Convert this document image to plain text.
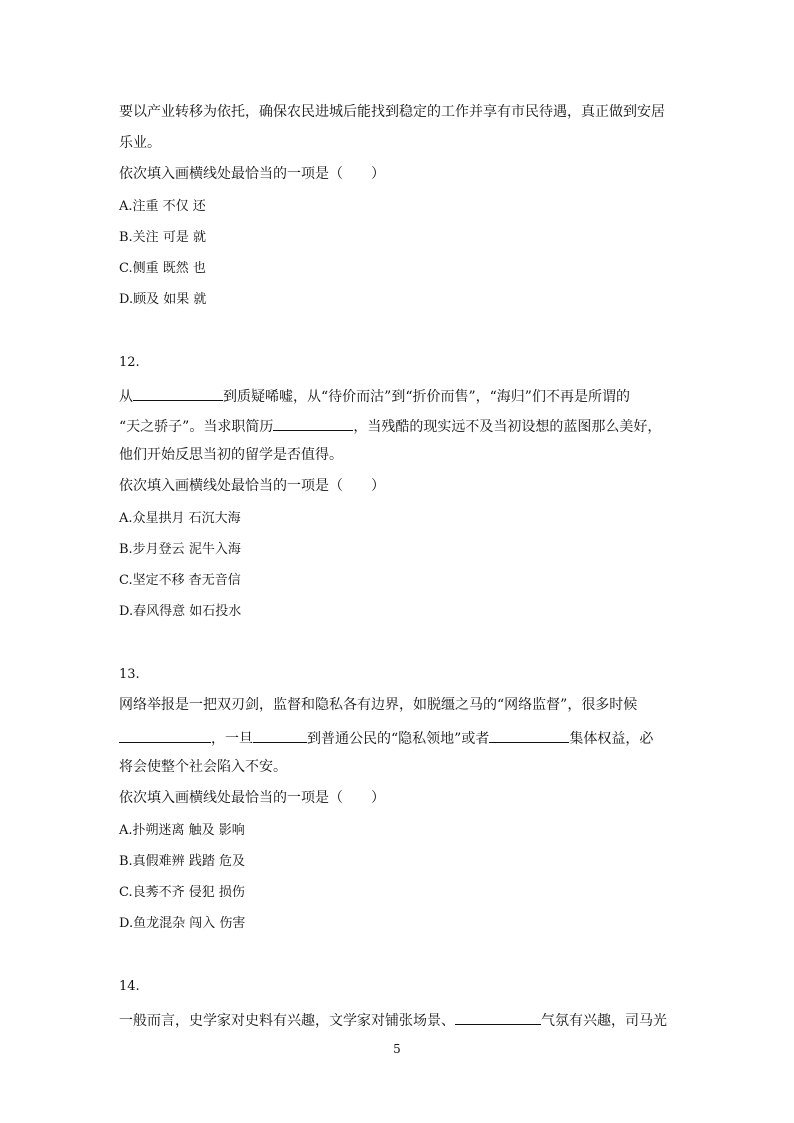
要以产业转移为依托，确保农民进城后能找到稳定的工作并享有市民待遇，真正做到安居
乐业。
依次填入画横线处最恰当的一项是（　　）
A.注重 不仅 还
B.关注 可是 就
C.侧重 既然 也
D.顾及 如果 就
12.
从	到质疑唏嘘，从“待价而沽”到“折价而售”，“海归”们不再是所谓的
“天之骄子”。当求职简历	，当残酷的现实远不及当初设想的蓝图那么美好，
他们开始反思当初的留学是否值得。
依次填入画横线处最恰当的一项是（　　）
A.众星拱月 石沉大海
B.步月登云 泥牛入海
C.坚定不移 杳无音信
D.春风得意 如石投水
13.
网络举报是一把双刃剑，监督和隐私各有边界，如脱缰之马的“网络监督”，很多时候
，一旦	到普通公民的“隐私领地”或者	集体权益，必
将会使整个社会陷入不安。
依次填入画横线处最恰当的一项是（　　）
A.扑朔迷离 触及 影响
B.真假难辨 践踏 危及
C.良莠不齐 侵犯 损伤
D.鱼龙混杂 闯入 伤害
14.
一般而言，史学家对史料有兴趣，文学家对铺张场景、	气氛有兴趣，司马光
5
